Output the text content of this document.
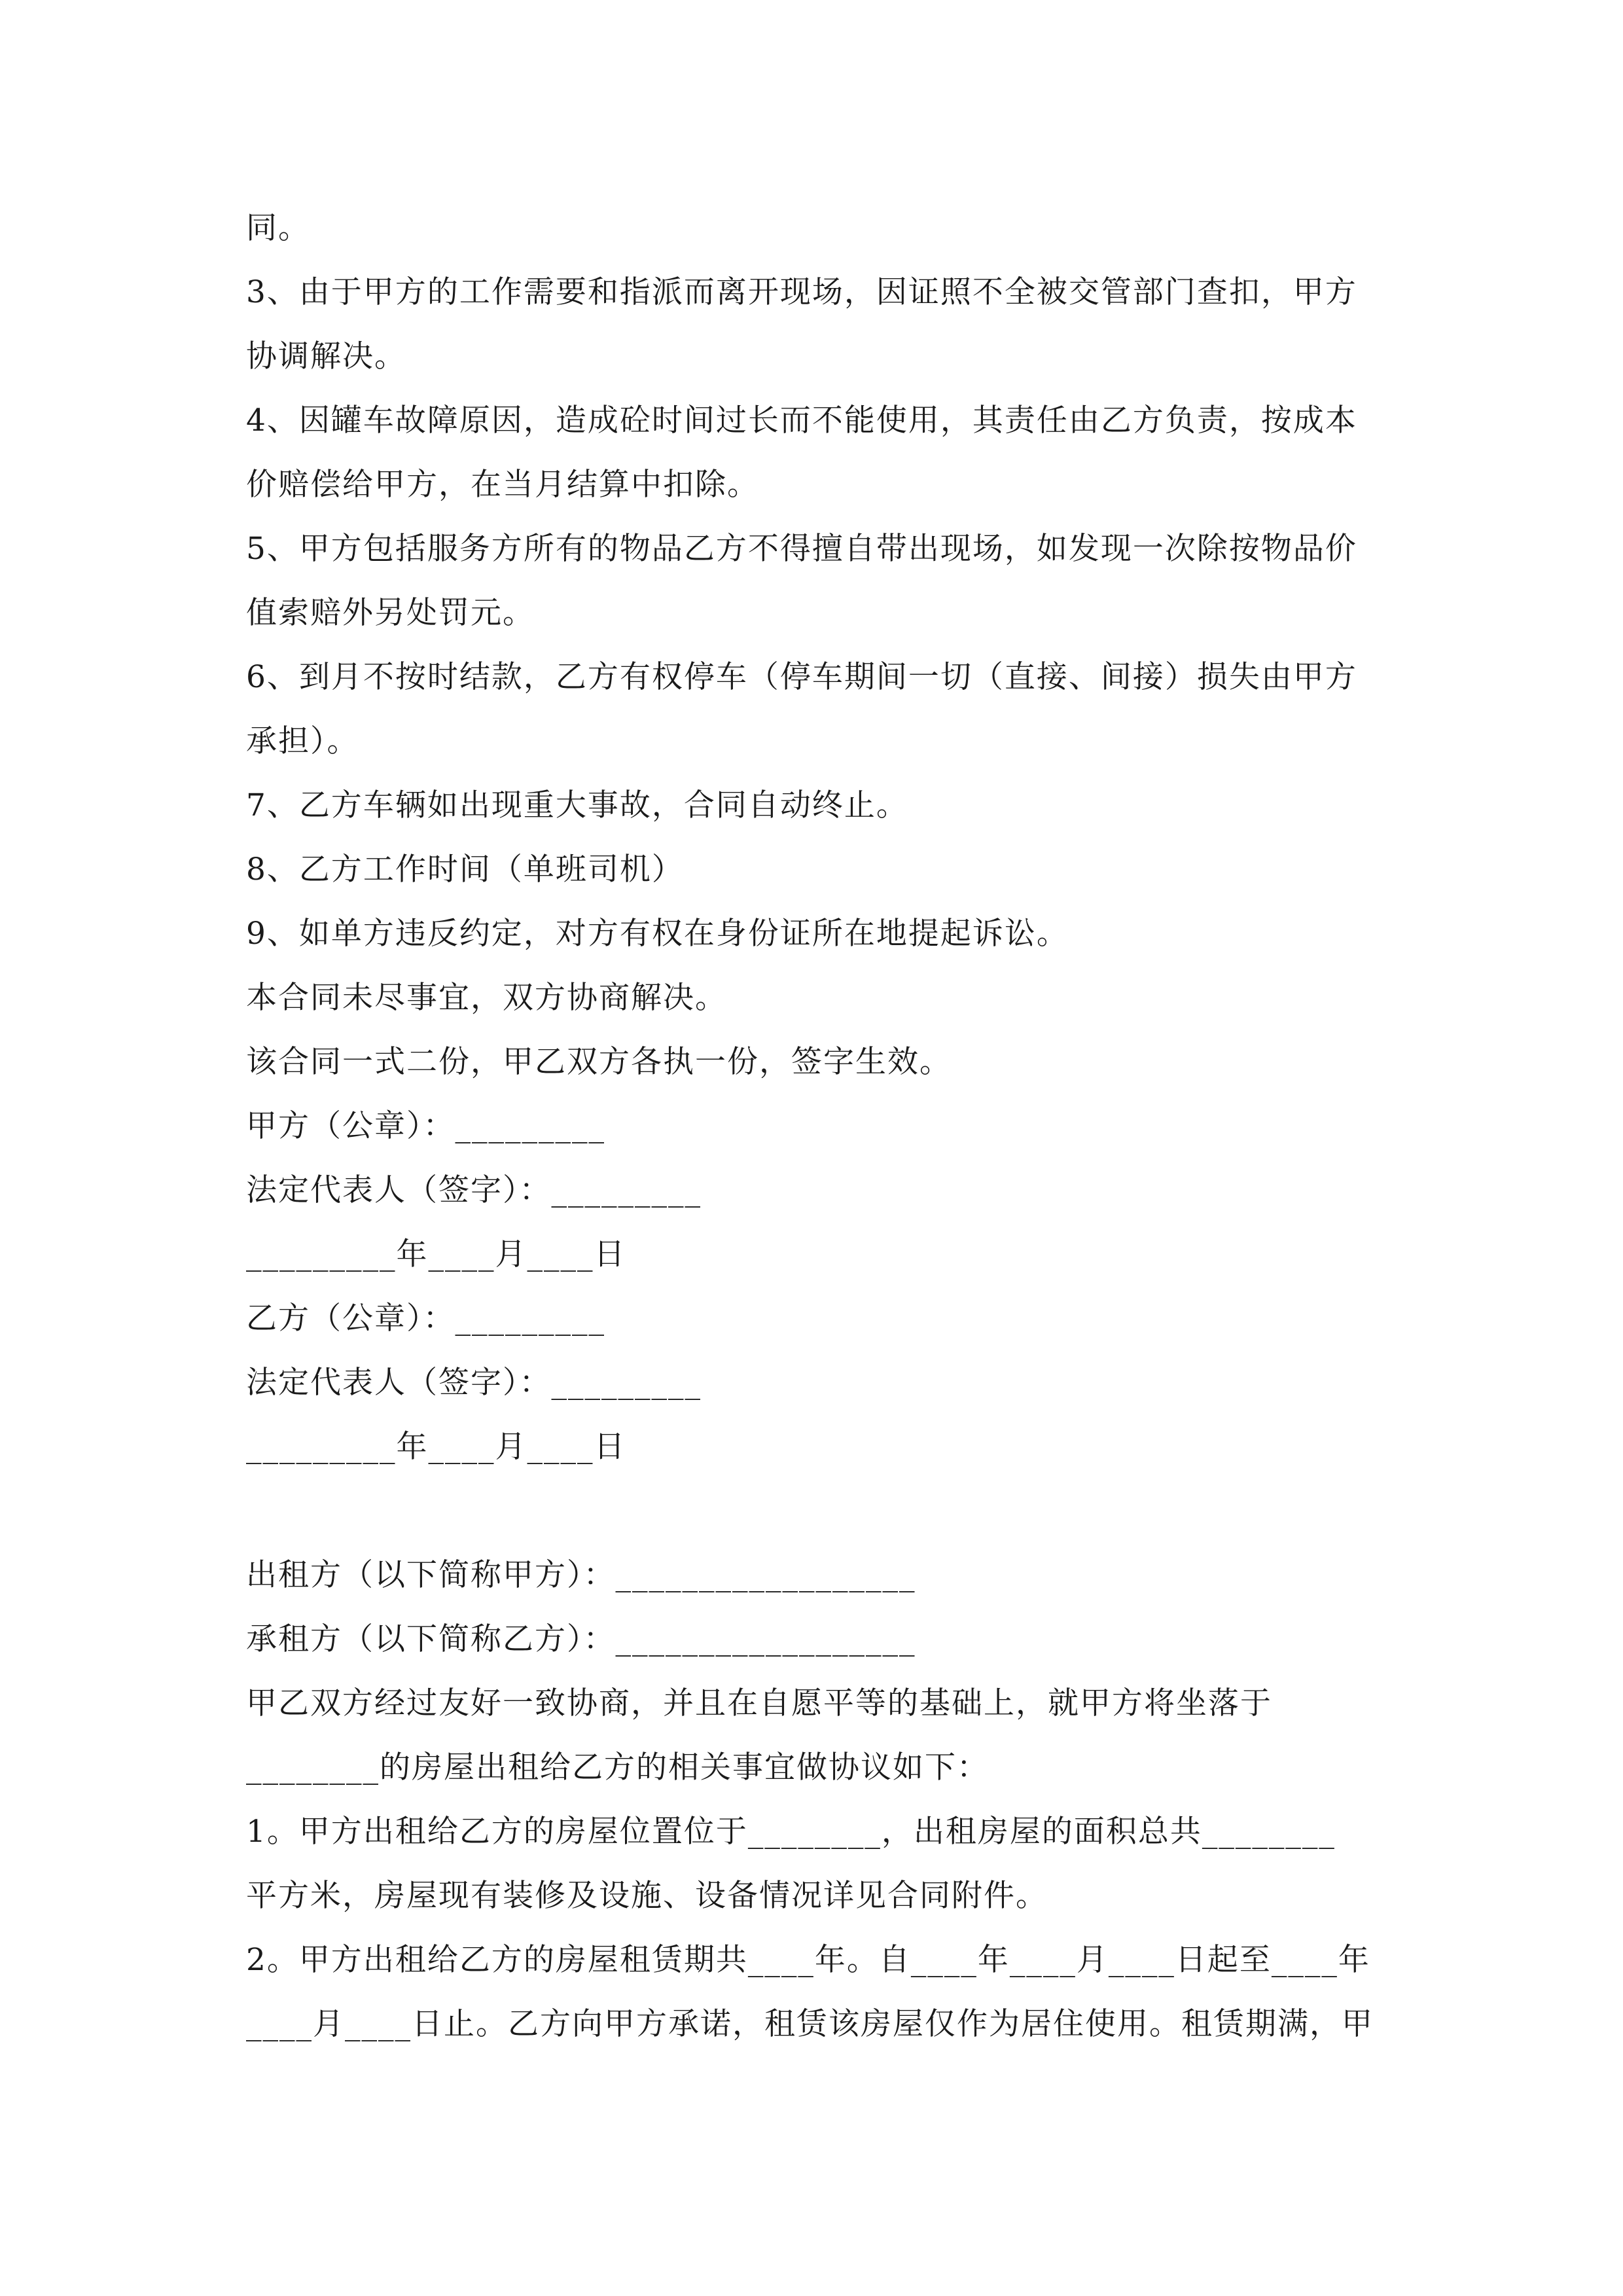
同。
3、由于甲方的工作需要和指派而离开现场，因证照不全被交管部门查扣，甲方
协调解决。
4、因罐车故障原因，造成砼时间过长而不能使用，其责任由乙方负责，按成本
价赔偿给甲方，在当月结算中扣除。
5、甲方包括服务方所有的物品乙方不得擅自带出现场，如发现一次除按物品价
值索赔外另处罚元。
6、到月不按时结款，乙方有权停车（停车期间一切（直接、间接）损失由甲方
承担）。
7、乙方车辆如出现重大事故，合同自动终止。
8、乙方工作时间（单班司机）
9、如单方违反约定，对方有权在身份证所在地提起诉讼。
本合同未尽事宜，双方协商解决。
该合同一式二份，甲乙双方各执一份，签字生效。
甲方（公章）：_________
法定代表人（签字）：_________
_________年____月____日
乙方（公章）：_________
法定代表人（签字）：_________
_________年____月____日
出租方（以下简称甲方）：__________________
承租方（以下简称乙方）：__________________
甲乙双方经过友好一致协商，并且在自愿平等的基础上，就甲方将坐落于
________的房屋出租给乙方的相关事宜做协议如下：
1。甲方出租给乙方的房屋位置位于________，出租房屋的面积总共________
平方米，房屋现有装修及设施、设备情况详见合同附件。
2。甲方出租给乙方的房屋租赁期共____年。自____年____月____日起至____年
____月____日止。乙方向甲方承诺，租赁该房屋仅作为居住使用。租赁期满，甲
